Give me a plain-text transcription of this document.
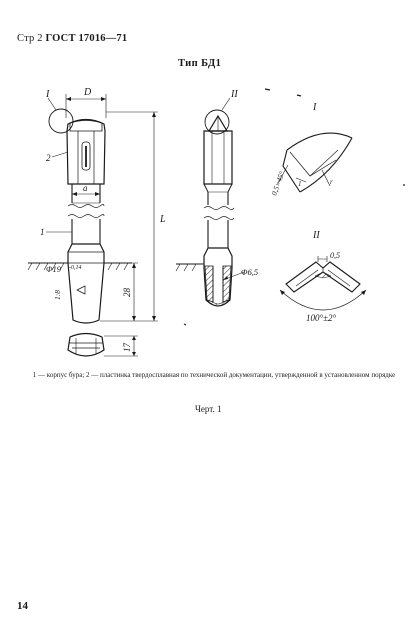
Стр 2 ГОСТ 17016—71
Тип БД1
I	D
2
a
1
L
Φ19 -0,14
1:8	28
17
II
Φ6,5
I
0,5×45° 1	r
II
0,5
100°±2°
1 — корпус бура; 2 — пластинка твердосплавная по технической документации, утвержденной в установленном порядке
Черт. 1
14
